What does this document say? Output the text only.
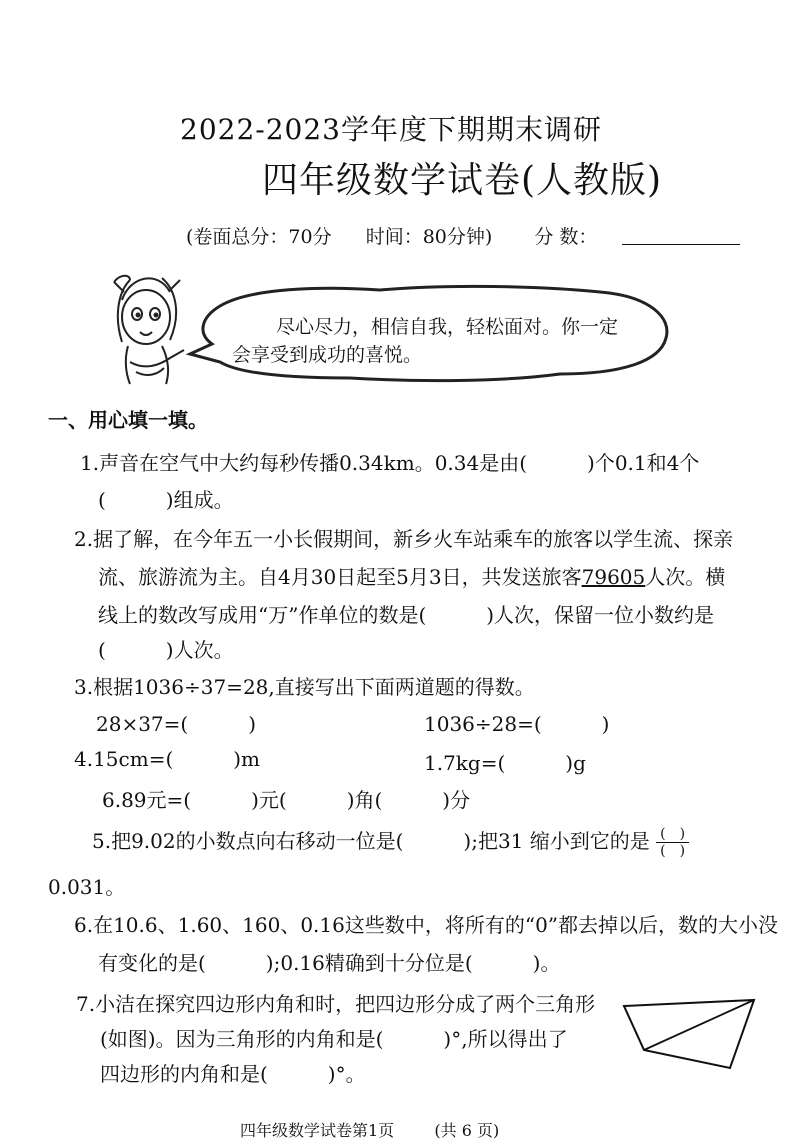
2022-2023学年度下期期末调研
四年级数学试卷(人教版)
(卷面总分：70分 时间：80分钟) 分 数：
尽心尽力，相信自我，轻松面对。你一定
会享受到成功的喜悦。
一、用心填一填。
1.声音在空气中大约每秒传播0.34km。0.34是由(　　　)个0.1和4个
(　　　)组成。
2.据了解，在今年五一小长假期间，新乡火车站乘车的旅客以学生流、探亲
流、旅游流为主。自4月30日起至5月3日，共发送旅客79605人次。横
线上的数改写成用“万”作单位的数是(　　　)人次，保留一位小数约是
(　　　)人次。
3.根据1036÷37=28,直接写出下面两道题的得数。
28×37=(　　　)	1036÷28=(　　　)
4.15cm=(　　　)m	1.7kg=(　　　)g
6.89元=(　　　)元(　　　)角(　　　)分
5.把9.02的小数点向右移动一位是(　　　);把31 缩小到它的是 $\frac{( )}{( )}$
0.031。
6.在10.6、1.60、160、0.16这些数中，将所有的“0”都去掉以后，数的大小没
有变化的是(　　　);0.16精确到十分位是(　　　)。
7.小洁在探究四边形内角和时，把四边形分成了两个三角形
(如图)。因为三角形的内角和是(　　　)°,所以得出了
四边形的内角和是(　　　)°。
四年级数学试卷第1页	(共 6 页)
